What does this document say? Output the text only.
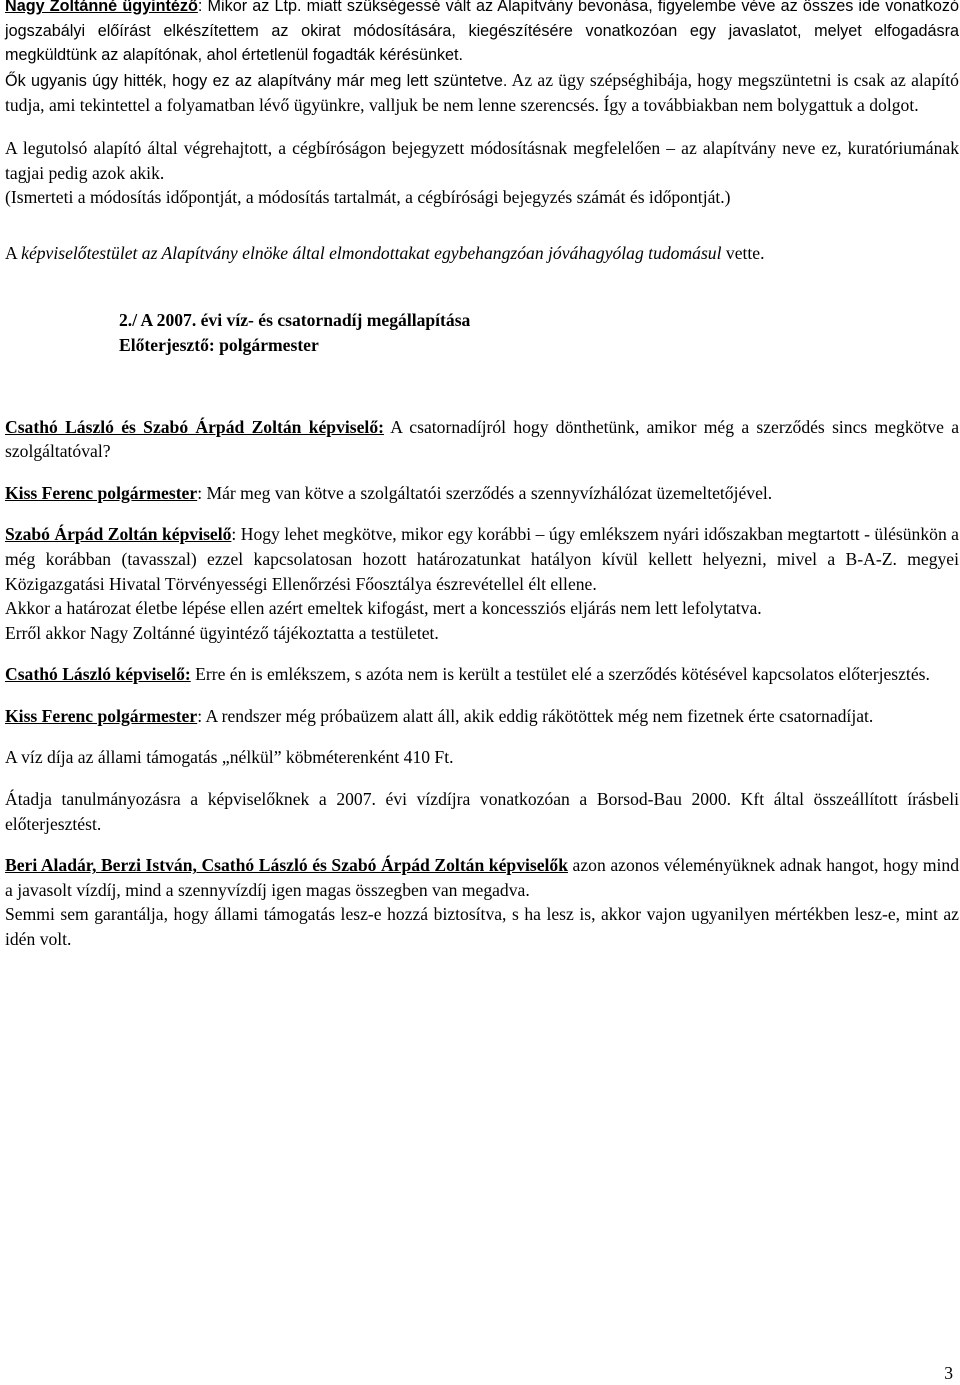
Nagy Zoltánné ügyintéző: Mikor az Ltp. miatt szükségessé vált az Alapítvány bevonása, figyelembe véve az összes ide vonatkozó jogszabályi előírást elkészítettem az okirat módosítására, kiegészítésére vonatkozóan egy javaslatot, melyet elfogadásra megküldtünk az alapítónak, ahol értetlenül fogadták kérésünket.

Ők ugyanis úgy hitték, hogy ez az alapítvány már meg lett szüntetve. Az az ügy szépséghibája, hogy megszüntetni is csak az alapító tudja, ami tekintettel a folyamatban lévő ügyünkre, valljuk be nem lenne szerencsés. Így a továbbiakban nem bolygattuk a dolgot.

A legutolsó alapító által végrehajtott, a cégbíróságon bejegyzett módosításnak megfelelően – az alapítvány neve ez, kuratóriumának tagjai pedig azok akik.

(Ismerteti a módosítás időpontját, a módosítás tartalmát, a cégbírósági bejegyzés számát és időpontját.)

A képviselőtestület az Alapítvány elnöke által elmondottakat egybehangzóan jóváhagyólag tudomásul vette.

2./ A 2007. évi víz- és csatornadíj megállapítása

Előterjesztő: polgármester

Csathó László és Szabó Árpád Zoltán képviselő: A csatornadíjról hogy dönthetünk, amikor még a szerződés sincs megkötve a szolgáltatóval?

Kiss Ferenc polgármester: Már meg van kötve a szolgáltatói szerződés a szennyvízhálózat üzemeltetőjével.

Szabó Árpád Zoltán képviselő: Hogy lehet megkötve, mikor egy korábbi – úgy emlékszem nyári időszakban megtartott - ülésünkön a még korábban (tavasszal) ezzel kapcsolatosan hozott határozatunkat hatályon kívül kellett helyezni, mivel a B-A-Z. megyei Közigazgatási Hivatal Törvényességi Ellenőrzési Főosztálya észrevétellel élt ellene.

Akkor a határozat életbe lépése ellen azért emeltek kifogást, mert a koncessziós eljárás nem lett lefolytatva.

Erről akkor Nagy Zoltánné ügyintéző tájékoztatta a testületet.

Csathó László képviselő: Erre én is emlékszem, s azóta nem is került a testület elé a szerződés kötésével kapcsolatos előterjesztés.

Kiss Ferenc polgármester: A rendszer még próbaüzem alatt áll, akik eddig rákötöttek még nem fizetnek érte csatornadíjat.

A víz díja az állami támogatás „nélkül” köbméterenként 410 Ft.

Átadja tanulmányozásra a képviselőknek a 2007. évi vízdíjra vonatkozóan a Borsod-Bau 2000. Kft által összeállított írásbeli előterjesztést.

Beri Aladár, Berzi István, Csathó László és Szabó Árpád Zoltán képviselők azon azonos véleményüknek adnak hangot, hogy mind a javasolt vízdíj, mind a szennyvízdíj igen magas összegben van megadva.

Semmi sem garantálja, hogy állami támogatás lesz-e hozzá biztosítva, s ha lesz is, akkor vajon ugyanilyen mértékben lesz-e, mint az idén volt.

3
